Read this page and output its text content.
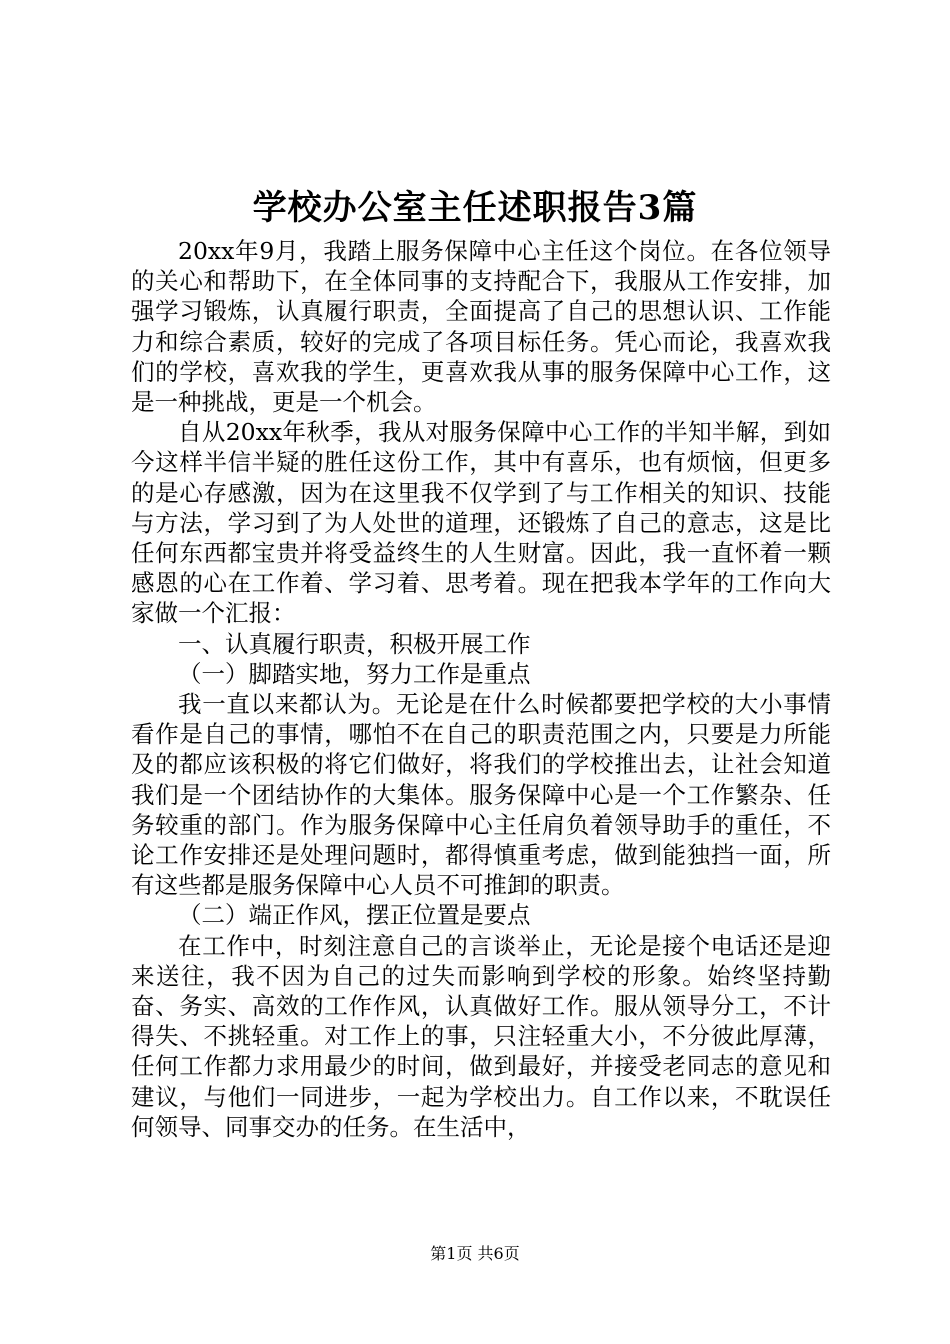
学校办公室主任述职报告3篇

20xx年9月，我踏上服务保障中心主任这个岗位。在各位领导的关心和帮助下，在全体同事的支持配合下，我服从工作安排，加强学习锻炼，认真履行职责，全面提高了自己的思想认识、工作能力和综合素质，较好的完成了各项目标任务。凭心而论，我喜欢我们的学校，喜欢我的学生，更喜欢我从事的服务保障中心工作，这是一种挑战，更是一个机会。

自从20xx年秋季，我从对服务保障中心工作的半知半解，到如今这样半信半疑的胜任这份工作，其中有喜乐，也有烦恼，但更多的是心存感激，因为在这里我不仅学到了与工作相关的知识、技能与方法，学习到了为人处世的道理，还锻炼了自己的意志，这是比任何东西都宝贵并将受益终生的人生财富。因此，我一直怀着一颗感恩的心在工作着、学习着、思考着。现在把我本学年的工作向大家做一个汇报：

一、认真履行职责，积极开展工作

（一）脚踏实地，努力工作是重点

我一直以来都认为。无论是在什么时候都要把学校的大小事情看作是自己的事情，哪怕不在自己的职责范围之内，只要是力所能及的都应该积极的将它们做好，将我们的学校推出去，让社会知道我们是一个团结协作的大集体。服务保障中心是一个工作繁杂、任务较重的部门。作为服务保障中心主任肩负着领导助手的重任，不论工作安排还是处理问题时，都得慎重考虑，做到能独挡一面，所有这些都是服务保障中心人员不可推卸的职责。

（二）端正作风，摆正位置是要点

在工作中，时刻注意自己的言谈举止，无论是接个电话还是迎来送往，我不因为自己的过失而影响到学校的形象。始终坚持勤奋、务实、高效的工作作风，认真做好工作。服从领导分工，不计得失、不挑轻重。对工作上的事，只注轻重大小，不分彼此厚薄，任何工作都力求用最少的时间，做到最好，并接受老同志的意见和建议，与他们一同进步，一起为学校出力。自工作以来，不耽误任何领导、同事交办的任务。在生活中，

第1页 共6页
